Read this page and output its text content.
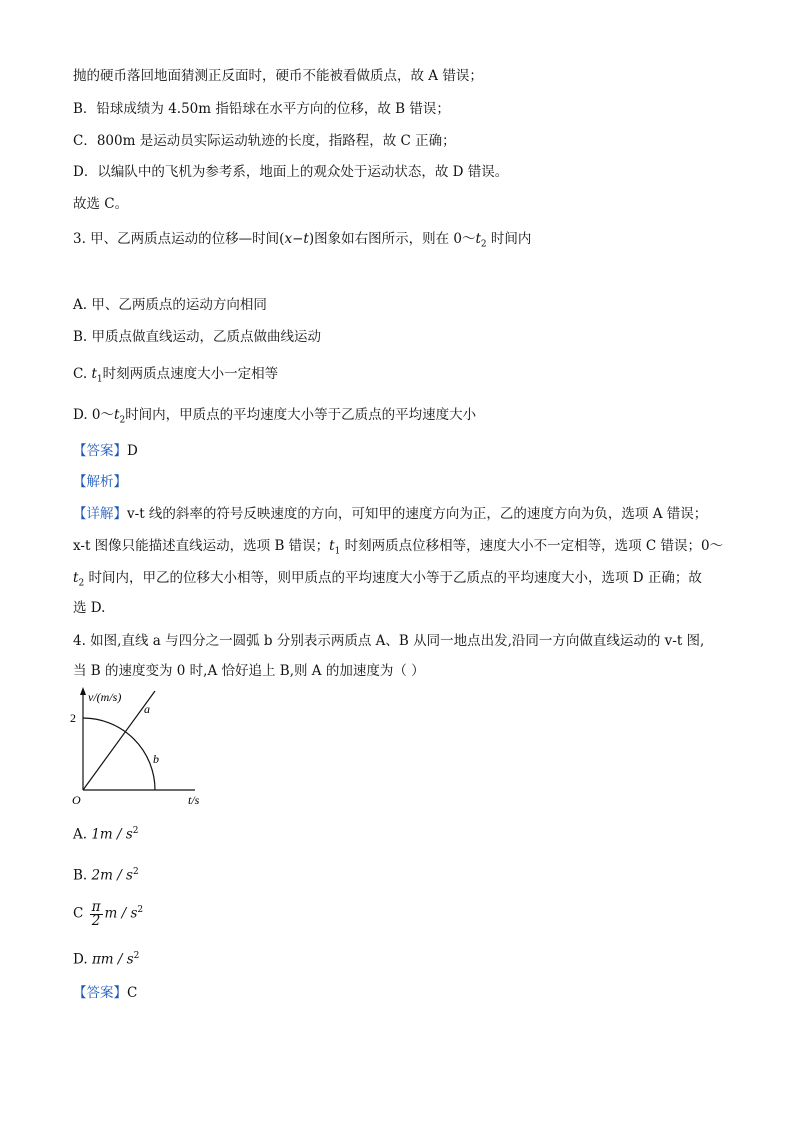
抛的硬币落回地面猜测正反面时，硬币不能被看做质点，故 A 错误；
B．铅球成绩为 4.50m 指铅球在水平方向的位移，故 B 错误；
C．800m 是运动员实际运动轨迹的长度，指路程，故 C 正确；
D．以编队中的飞机为参考系，地面上的观众处于运动状态，故 D 错误。
故选 C。
3. 甲、乙两质点运动的位移—时间(x−t)图象如右图所示，则在 $0\sim t_2$ 时间内
A. 甲、乙两质点的运动方向相同
B. 甲质点做直线运动，乙质点做曲线运动
C. $t_1$时刻两质点速度大小一定相等
D. $0\sim t_2$时间内，甲质点的平均速度大小等于乙质点的平均速度大小
【答案】D
【解析】
【详解】v-t 线的斜率的符号反映速度的方向，可知甲的速度方向为正，乙的速度方向为负，选项 A 错误；
x-t 图像只能描述直线运动，选项 B 错误；$t_1$ 时刻两质点位移相等，速度大小不一定相等，选项 C 错误；0～
$t_2$ 时间内，甲乙的位移大小相等，则甲质点的平均速度大小等于乙质点的平均速度大小，选项 D 正确；故
选 D.
4. 如图,直线 a 与四分之一圆弧 b 分别表示两质点 A、B 从同一地点出发,沿同一方向做直线运动的 v-t 图,
当 B 的速度变为 0 时,A 恰好追上 B,则 A 的加速度为（ ）
v/(m/s)
2
a
b
O	t/s
A. $1m / s^2$
B. $2m / s^2$
C $\frac{\pi}{2}$ m / $s^2$
D. πm / $s^2$
【答案】C
